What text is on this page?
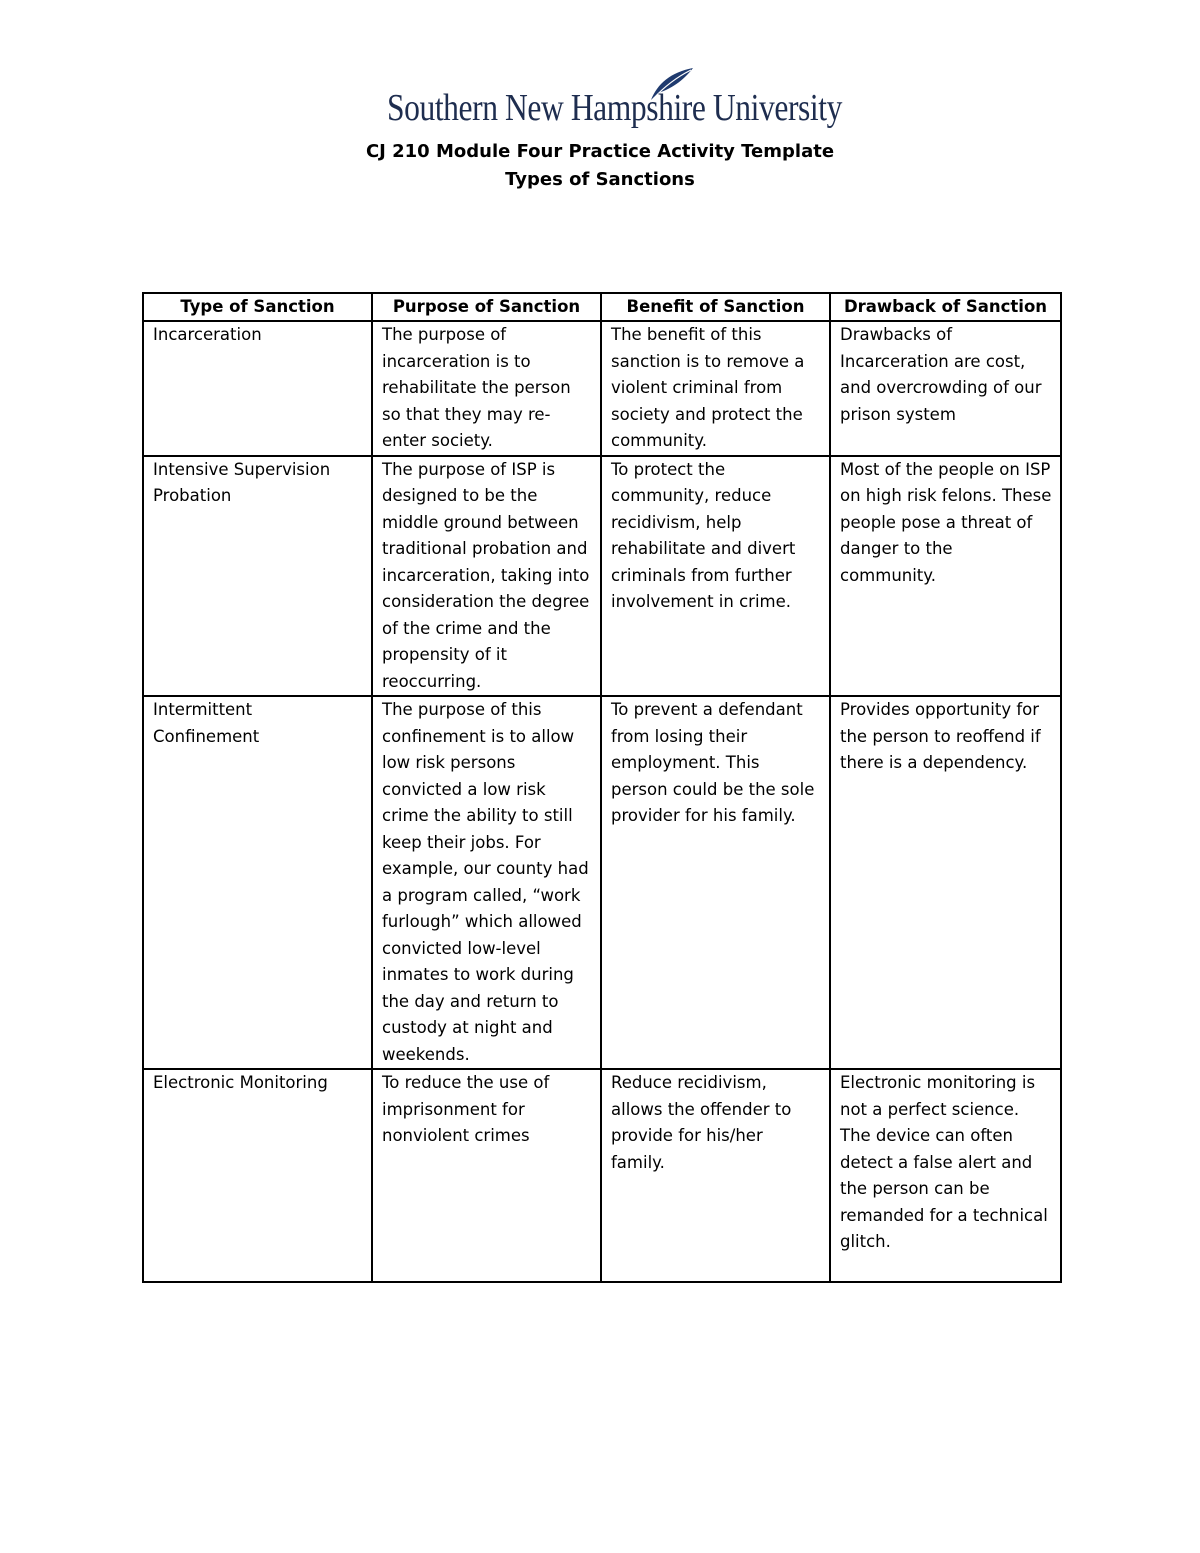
Southern New Hampshire University
CJ 210 Module Four Practice Activity Template
Types of Sanctions
Type of Sanction	Purpose of Sanction	Benefit of Sanction	Drawback of Sanction
Incarceration	The purpose of incarceration is to rehabilitate the person so that they may re-enter society.	The benefit of this sanction is to remove a violent criminal from society and protect the community.	Drawbacks of Incarceration are cost, and overcrowding of our prison system
Intensive Supervision Probation	The purpose of ISP is designed to be the middle ground between traditional probation and incarceration, taking into consideration the degree of the crime and the propensity of it reoccurring.	To protect the community, reduce recidivism, help rehabilitate and divert criminals from further involvement in crime.	Most of the people on ISP on high risk felons. These people pose a threat of danger to the community.
Intermittent Confinement	The purpose of this confinement is to allow low risk persons convicted a low risk crime the ability to still keep their jobs. For example, our county had a program called, “work furlough” which allowed convicted low-level inmates to work during the day and return to custody at night and weekends.	To prevent a defendant from losing their employment. This person could be the sole provider for his family.	Provides opportunity for the person to reoffend if there is a dependency.
Electronic Monitoring	To reduce the use of imprisonment for nonviolent crimes	Reduce recidivism, allows the offender to provide for his/her family.	Electronic monitoring is not a perfect science. The device can often detect a false alert and the person can be remanded for a technical glitch.
